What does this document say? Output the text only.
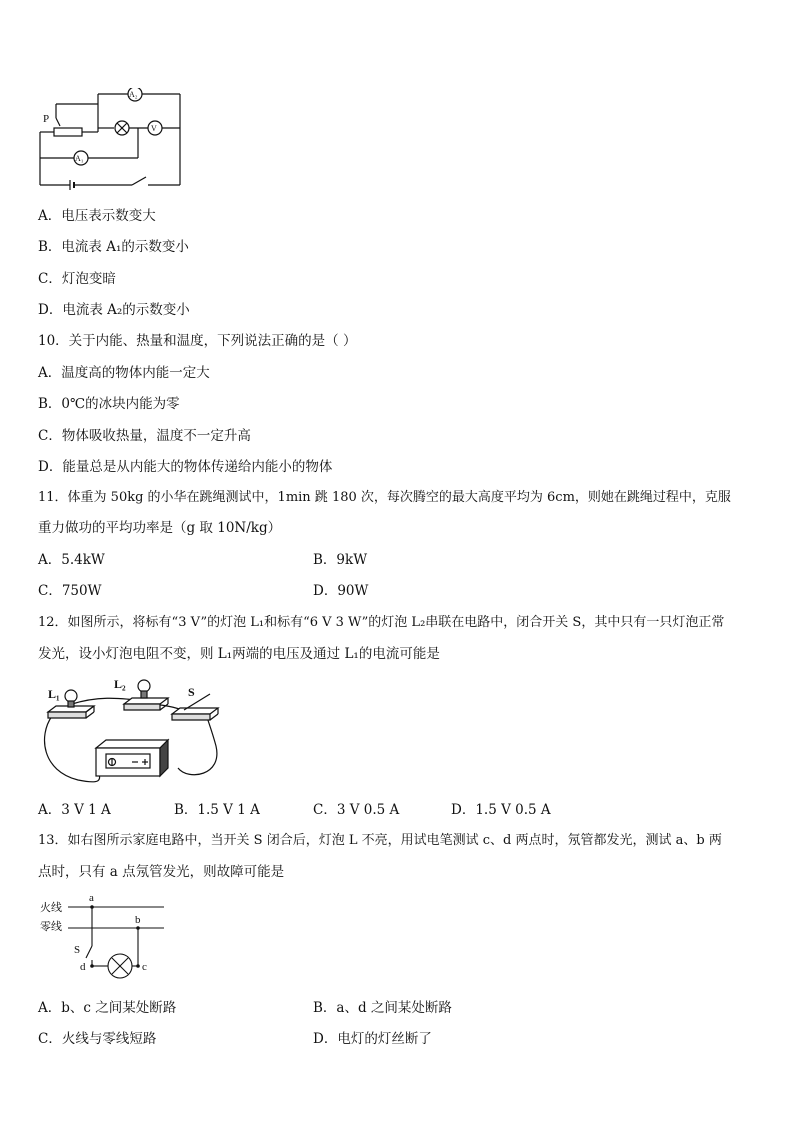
P
A₂
V
A₁
A．电压表示数变大
B．电流表 A₁的示数变小
C．灯泡变暗
D．电流表 A₂的示数变小
10．关于内能、热量和温度，下列说法正确的是（ ）
A．温度高的物体内能一定大
B．0℃的冰块内能为零
C．物体吸收热量，温度不一定升高
D．能量总是从内能大的物体传递给内能小的物体
11．体重为 50kg 的小华在跳绳测试中，1min 跳 180 次，每次腾空的最大高度平均为 6cm，则她在跳绳过程中，克服
重力做功的平均功率是（g 取 10N/kg）
A．5.4kW	B．9kW
C．750W	D．90W
12．如图所示，将标有“3 V”的灯泡 L₁和标有“6 V 3 W”的灯泡 L₂串联在电路中，闭合开关 S，其中只有一只灯泡正常
发光，设小灯泡电阻不变，则 L₁两端的电压及通过 L₁的电流可能是
L₁
L₂
S
A．3 V 1 A	B．1.5 V 1 A	C．3 V 0.5 A	D．1.5 V 0.5 A
13．如右图所示家庭电路中，当开关 S 闭合后，灯泡 L 不亮，用试电笔测试 c、d 两点时，氖管都发光，测试 a、b 两
点时，只有 a 点氖管发光，则故障可能是
火线
零线
a
b
S
d	c
A．b、c 之间某处断路	B．a、d 之间某处断路
C．火线与零线短路	D．电灯的灯丝断了
